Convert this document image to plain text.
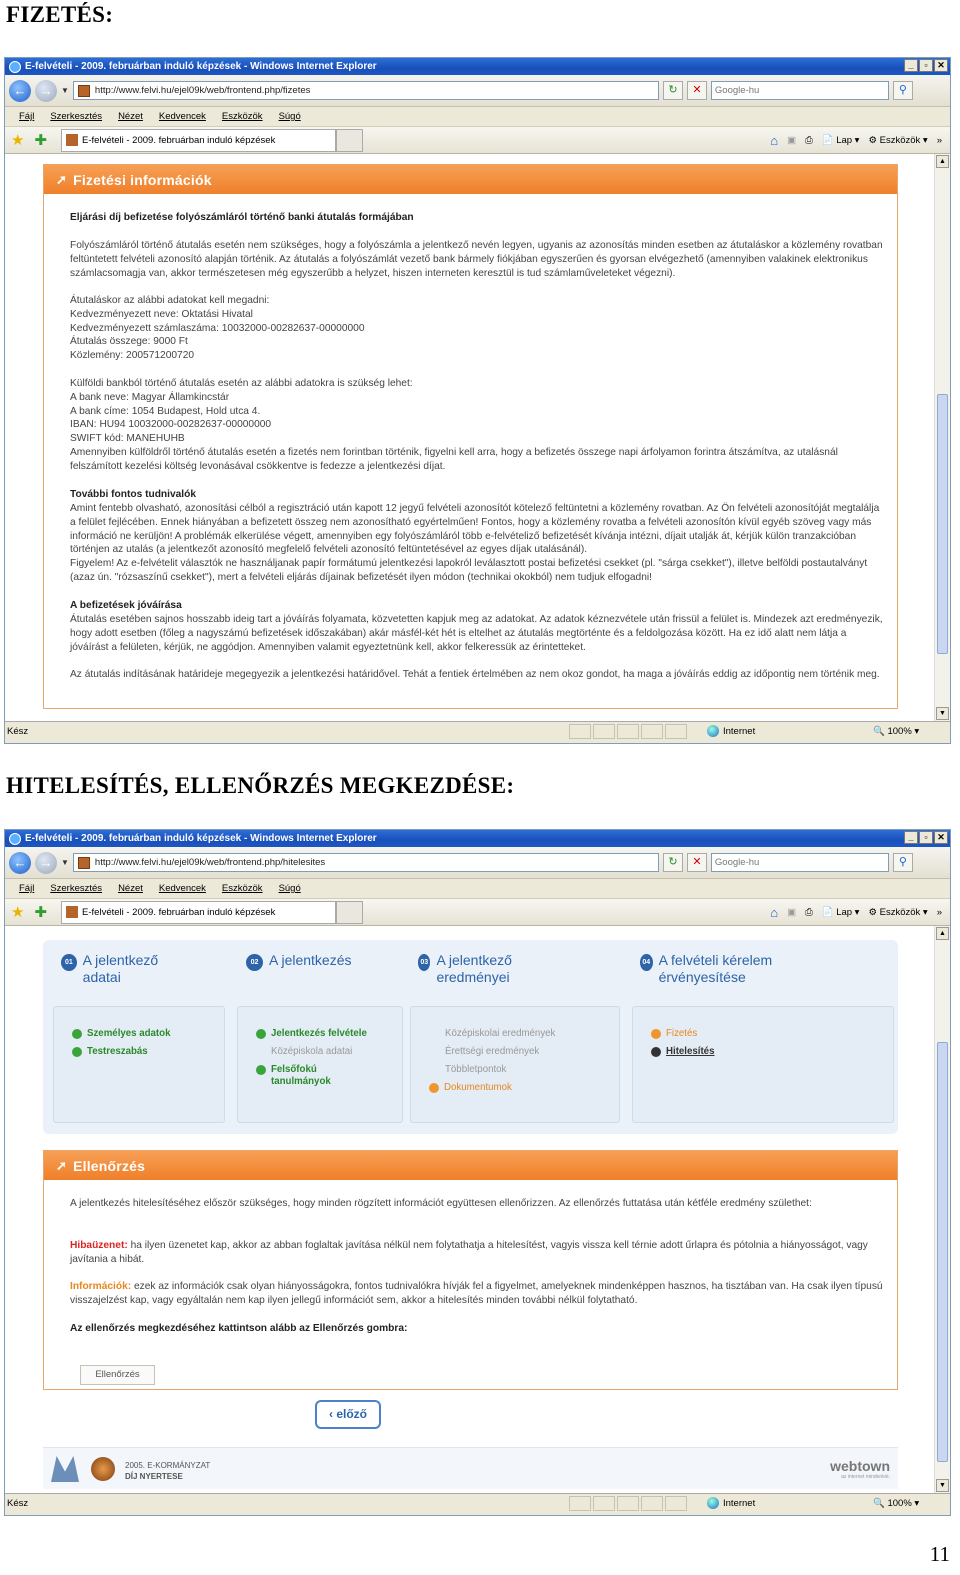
FIZETÉS:
E-felvételi - 2009. februárban induló képzések - Windows Internet Explorer	_	▫	✕
←	→	▼	http://www.felvi.hu/ejel09k/web/frontend.php/fizetes	↻	✕	Google-hu	⚲
Fájl Szerkesztés Nézet Kedvencek Eszközök Súgó
★ ✚	E-felvételi - 2009. februárban induló képzések	⌂ ▣ ⎙ 📄 Lap ▾ ⚙ Eszközök ▾ »
➚ Fizetési információk
Eljárási díj befizetése folyószámláról történő banki átutalás formájában
Folyószámláról történő átutalás esetén nem szükséges, hogy a folyószámla a jelentkező nevén legyen, ugyanis az azonosítás minden esetben az átutaláskor a közlemény rovatban feltüntetett felvételi azonosító alapján történik. Az átutalás a folyószámlát vezető bank bármely fiókjában egyszerűen és gyorsan elvégezhető (amennyiben valakinek elektronikus számlacsomagja van, akkor természetesen még egyszerűbb a helyzet, hiszen interneten keresztül is tud számlaműveleteket végezni).
Átutaláskor az alábbi adatokat kell megadni:
Kedvezményezett neve: Oktatási Hivatal
Kedvezményezett számlaszáma: 10032000-00282637-00000000
Átutalás összege: 9000 Ft
Közlemény: 200571200720
Külföldi bankból történő átutalás esetén az alábbi adatokra is szükség lehet:
A bank neve: Magyar Államkincstár
A bank címe: 1054 Budapest, Hold utca 4.
IBAN: HU94 10032000-00282637-00000000
SWIFT kód: MANEHUHB
Amennyiben külföldről történő átutalás esetén a fizetés nem forintban történik, figyelni kell arra, hogy a befizetés összege napi árfolyamon forintra átszámítva, az utalásnál felszámított kezelési költség levonásával csökkentve is fedezze a jelentkezési díjat.
További fontos tudnivalók
Amint fentebb olvasható, azonosítási célból a regisztráció után kapott 12 jegyű felvételi azonosítót kötelező feltüntetni a közlemény rovatban. Az Ön felvételi azonosítóját megtalálja a felület fejlécében. Ennek hiányában a befizetett összeg nem azonosítható egyértelműen! Fontos, hogy a közlemény rovatba a felvételi azonosítón kívül egyéb szöveg vagy más információ ne kerüljön! A problémák elkerülése végett, amennyiben egy folyószámláról több e-felvételiző befizetését kívánja intézni, díjait utalják át, kérjük külön tranzakcióban történjen az utalás (a jelentkezőt azonosító megfelelő felvételi azonosító feltüntetésével az egyes díjak utalásánál).
Figyelem! Az e-felvételit választók ne használjanak papír formátumú jelentkezési lapokról leválasztott postai befizetési csekket (pl. "sárga csekket"), illetve belföldi postautalványt (azaz ún. "rózsaszínű csekket"), mert a felvételi eljárás díjainak befizetését ilyen módon (technikai okokból) nem tudjuk elfogadni!
A befizetések jóváírása
Átutalás esetében sajnos hosszabb ideig tart a jóváírás folyamata, közvetetten kapjuk meg az adatokat. Az adatok kéznezvétele után frissül a felület is. Mindezek azt eredményezik, hogy adott esetben (főleg a nagyszámú befizetések időszakában) akár másfél-két hét is eltelhet az átutalás megtörténte és a feldolgozása között. Ha ez idő alatt nem látja a jóváírást a felületen, kérjük, ne aggódjon. Amennyiben valamit egyeztetnünk kell, akkor felkeressük az érintetteket.
Az átutalás indításának határideje megegyezik a jelentkezési határidővel. Tehát a fentiek értelmében az nem okoz gondot, ha maga a jóváírás eddig az időpontig nem történik meg.
▲
▼
Kész	Internet	🔍 100% ▾
HITELESÍTÉS, ELLENŐRZÉS MEGKEZDÉSE:
E-felvételi - 2009. februárban induló képzések - Windows Internet Explorer	_	▫	✕
←	→	▼	http://www.felvi.hu/ejel09k/web/frontend.php/hitelesites	↻	✕	Google-hu	⚲
Fájl Szerkesztés Nézet Kedvencek Eszközök Súgó
★ ✚	E-felvételi - 2009. februárban induló képzések	⌂ ▣ ⎙ 📄 Lap ▾ ⚙ Eszközök ▾ »
01 A jelentkező adatai
02 A jelentkezés	03 A jelentkező eredményei
04 A felvételi kérelem érvényesítése
Személyes adatok
Testreszabás
Jelentkezés felvétele
Középiskola adatai
Felsőfokú tanulmányok
Középiskolai eredmények
Érettségi eredmények
Többletpontok
Dokumentumok
Fizetés
Hitelesítés
➚ Ellenőrzés
A jelentkezés hitelesítéséhez először szükséges, hogy minden rögzített információt együttesen ellenőrizzen. Az ellenőrzés futtatása után kétféle eredmény születhet:
Hibaüzenet: ha ilyen üzenetet kap, akkor az abban foglaltak javítása nélkül nem folytathatja a hitelesítést, vagyis vissza kell térnie adott űrlapra és pótolnia a hiányosságot, vagy javítania a hibát.
Információk: ezek az információk csak olyan hiányosságokra, fontos tudnivalókra hívják fel a figyelmet, amelyeknek mindenképpen hasznos, ha tisztában van. Ha csak ilyen típusú visszajelzést kap, vagy egyáltalán nem kap ilyen jellegű információt sem, akkor a hitelesítés minden további nélkül folytatható.
Az ellenőrzés megkezdéséhez kattintson alább az Ellenőrzés gombra:
Ellenőrzés
‹ előző
2005. E-KORMÁNYZAT
DÍJ NYERTESE
webtown
az internet mindenkié.
▲
▼
Kész	Internet	🔍 100% ▾
11
